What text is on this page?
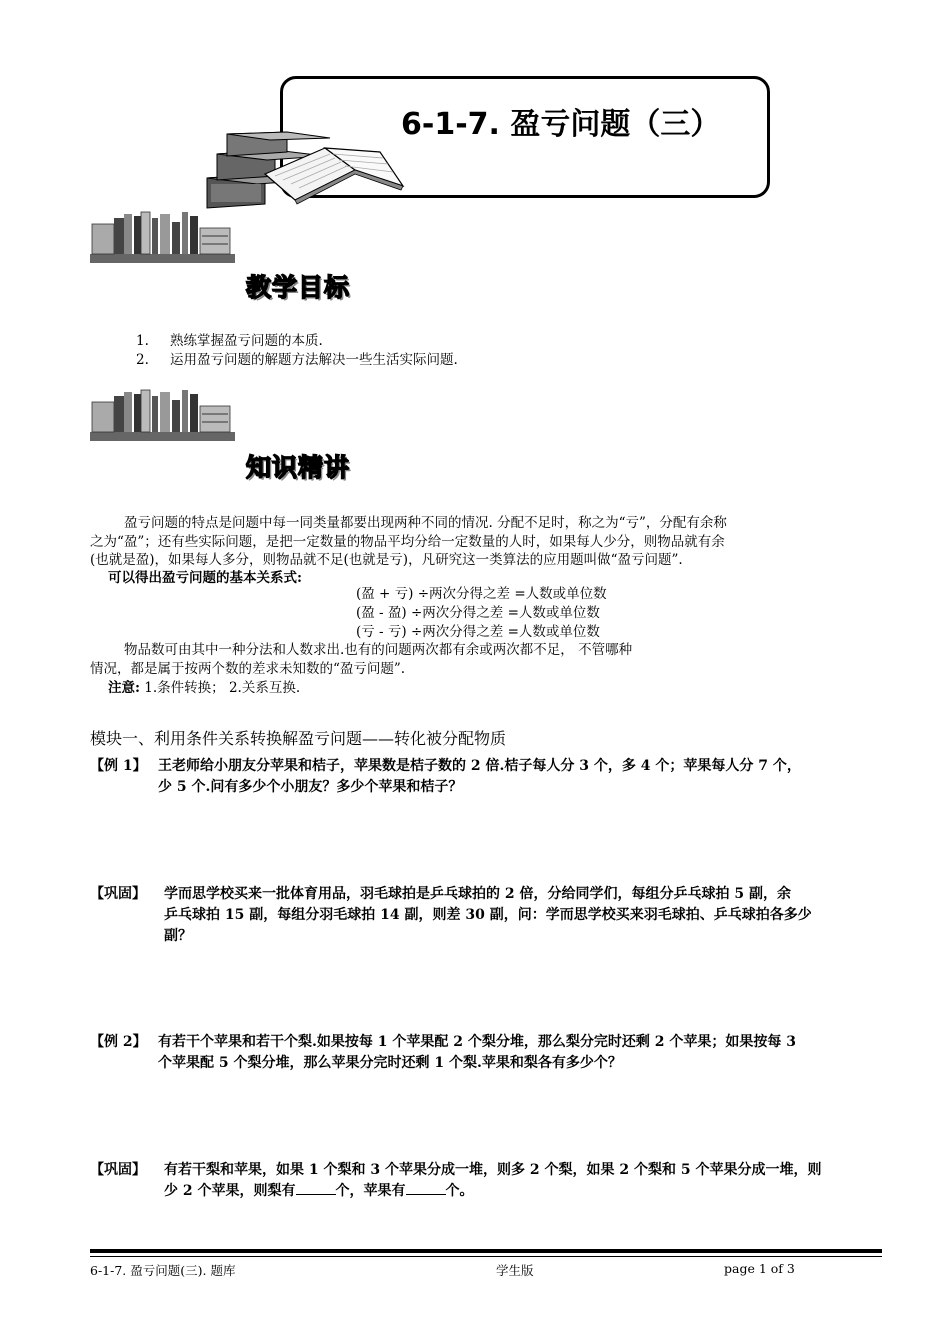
6-1-7. 盈亏问题（三）
教学目标
1. 熟练掌握盈亏问题的本质.
2. 运用盈亏问题的解题方法解决一些生活实际问题.
知识精讲
盈亏问题的特点是问题中每一同类量都要出现两种不同的情况. 分配不足时，称之为“亏”，分配有余称
之为“盈”；还有些实际问题，是把一定数量的物品平均分给一定数量的人时，如果每人少分，则物品就有余
(也就是盈)，如果每人多分，则物品就不足(也就是亏)，凡研究这一类算法的应用题叫做“盈亏问题”.
可以得出盈亏问题的基本关系式:
(盈 + 亏) ÷两次分得之差 =人数或单位数
(盈 - 盈) ÷两次分得之差 =人数或单位数
(亏 - 亏) ÷两次分得之差 =人数或单位数
物品数可由其中一种分法和人数求出.也有的问题两次都有余或两次都不足， 不管哪种
情况，都是属于按两个数的差求未知数的“盈亏问题”.
注意: 1.条件转换； 2.关系互换.
模块一、利用条件关系转换解盈亏问题——转化被分配物质
【例 1】 王老师给小朋友分苹果和桔子，苹果数是桔子数的 2 倍.桔子每人分 3 个，多 4 个；苹果每人分 7 个，
少 5 个.问有多少个小朋友？多少个苹果和桔子？
【巩固】 学而思学校买来一批体育用品，羽毛球拍是乒乓球拍的 2 倍，分给同学们，每组分乒乓球拍 5 副，余
乒乓球拍 15 副，每组分羽毛球拍 14 副，则差 30 副，问：学而思学校买来羽毛球拍、乒乓球拍各多少
副？
【例 2】 有若干个苹果和若干个梨.如果按每 1 个苹果配 2 个梨分堆，那么梨分完时还剩 2 个苹果；如果按每 3
个苹果配 5 个梨分堆，那么苹果分完时还剩 1 个梨.苹果和梨各有多少个？
【巩固】 有若干梨和苹果，如果 1 个梨和 3 个苹果分成一堆，则多 2 个梨，如果 2 个梨和 5 个苹果分成一堆，则
少 2 个苹果，则梨有	个，苹果有	个。
6-1-7. 盈亏问题(三). 题库	学生版	page 1 of 3
